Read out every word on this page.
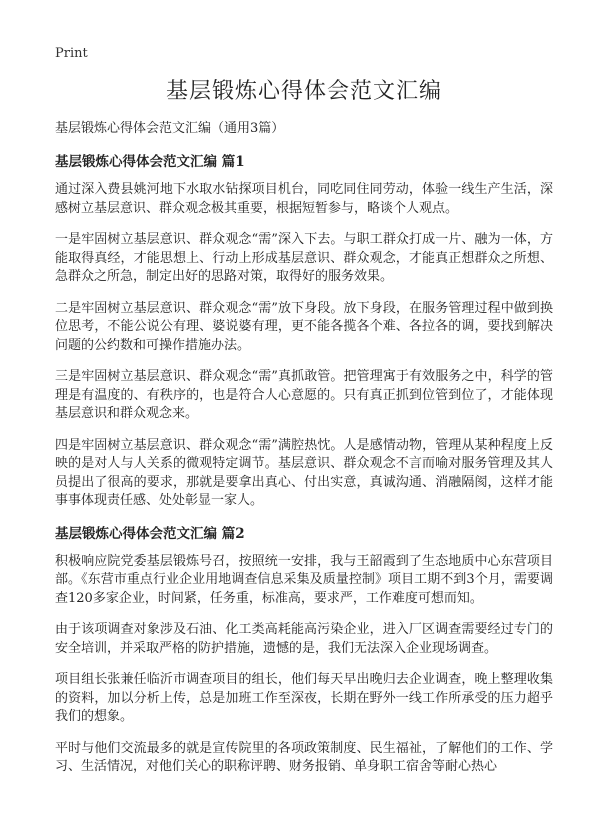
Print
基层锻炼心得体会范文汇编
基层锻炼心得体会范文汇编（通用3篇）
基层锻炼心得体会范文汇编 篇1

通过深入费县姚河地下水取水钻探项目机台，同吃同住同劳动，体验一线生产生活，深感树立基层意识、群众观念极其重要，根据短暂参与，略谈个人观点。

一是牢固树立基层意识、群众观念“需”深入下去。与职工群众打成一片、融为一体，方能取得真经，才能思想上、行动上形成基层意识、群众观念，才能真正想群众之所想、急群众之所急，制定出好的思路对策，取得好的服务效果。

二是牢固树立基层意识、群众观念“需”放下身段。放下身段，在服务管理过程中做到换位思考，不能公说公有理、婆说婆有理，更不能各揽各个难、各拉各的调，要找到解决问题的公约数和可操作措施办法。

三是牢固树立基层意识、群众观念“需”真抓敢管。把管理寓于有效服务之中，科学的管理是有温度的、有秩序的，也是符合人心意愿的。只有真正抓到位管到位了，才能体现基层意识和群众观念来。

四是牢固树立基层意识、群众观念“需”满腔热忱。人是感情动物，管理从某种程度上反映的是对人与人关系的微观特定调节。基层意识、群众观念不言而喻对服务管理及其人员提出了很高的要求，那就是要拿出真心、付出实意，真诚沟通、消融隔阂，这样才能事事体现责任感、处处彰显一家人。

基层锻炼心得体会范文汇编 篇2

积极响应院党委基层锻炼号召，按照统一安排，我与王韶霞到了生态地质中心东营项目部。《东营市重点行业企业用地调查信息采集及质量控制》项目工期不到3个月，需要调查120多家企业，时间紧，任务重，标准高，要求严，工作难度可想而知。

由于该项调查对象涉及石油、化工类高耗能高污染企业，进入厂区调查需要经过专门的安全培训，并采取严格的防护措施，遗憾的是，我们无法深入企业现场调查。

项目组长张兼任临沂市调查项目的组长，他们每天早出晚归去企业调查，晚上整理收集的资料，加以分析上传，总是加班工作至深夜，长期在野外一线工作所承受的压力超乎我们的想象。

平时与他们交流最多的就是宣传院里的各项政策制度、民生福祉，了解他们的工作、学习、生活情况，对他们关心的职称评聘、财务报销、单身职工宿舍等耐心热心
